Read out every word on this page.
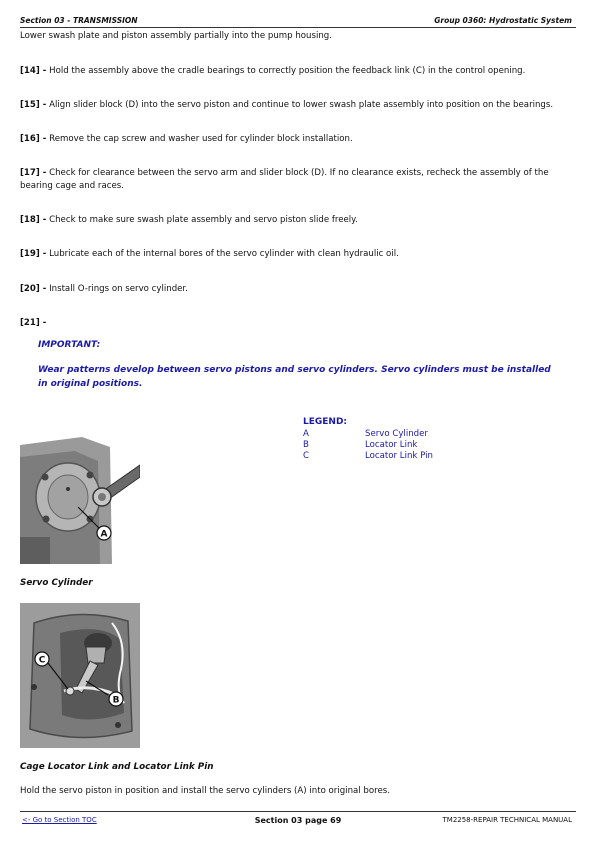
Section 03 - TRANSMISSION	Group 0360: Hydrostatic System
Lower swash plate and piston assembly partially into the pump housing.
[14] - Hold the assembly above the cradle bearings to correctly position the feedback link (C) in the control opening.
[15] - Align slider block (D) into the servo piston and continue to lower swash plate assembly into position on the bearings.
[16] - Remove the cap screw and washer used for cylinder block installation.
[17] - Check for clearance between the servo arm and slider block (D). If no clearance exists, recheck the assembly of the bearing cage and races.
[18] - Check to make sure swash plate assembly and servo piston slide freely.
[19] - Lubricate each of the internal bores of the servo cylinder with clean hydraulic oil.
[20] - Install O-rings on servo cylinder.
[21] -
IMPORTANT:
Wear patterns develop between servo pistons and servo cylinders. Servo cylinders must be installed in original positions.
LEGEND:
A	Servo Cylinder
B	Locator Link
C	Locator Link Pin
A
Servo Cylinder
C
B
Cage Locator Link and Locator Link Pin
Hold the servo piston in position and install the servo cylinders (A) into original bores.
<- Go to Section TOC	Section 03 page 69	TM2258-REPAIR TECHNICAL MANUAL
